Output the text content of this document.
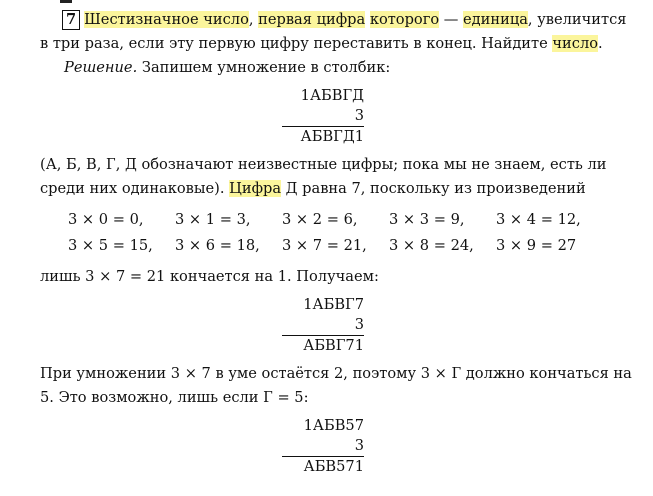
7 Шестизначное число, первая цифра которого — единица, увеличится
в три раза, если эту первую цифру переставить в конец. Найдите число.
Решение. Запишем умножение в столбик:
1АБВГД
3
АБВГД1
(А, Б, В, Г, Д обозначают неизвестные цифры; пока мы не знаем, есть ли
среди них одинаковые). Цифра Д равна 7, поскольку из произведений
3 × 0 = 0, 3 × 1 = 3, 3 × 2 = 6, 3 × 3 = 9, 3 × 4 = 12,
3 × 5 = 15, 3 × 6 = 18, 3 × 7 = 21, 3 × 8 = 24, 3 × 9 = 27
лишь 3 × 7 = 21 кончается на 1. Получаем:
1АБВГ7
3
АБВГ71
При умножении 3 × 7 в уме остаётся 2, поэтому 3 × Г должно кончаться на
5. Это возможно, лишь если Г = 5:
1АБВ57
3
АБВ571
